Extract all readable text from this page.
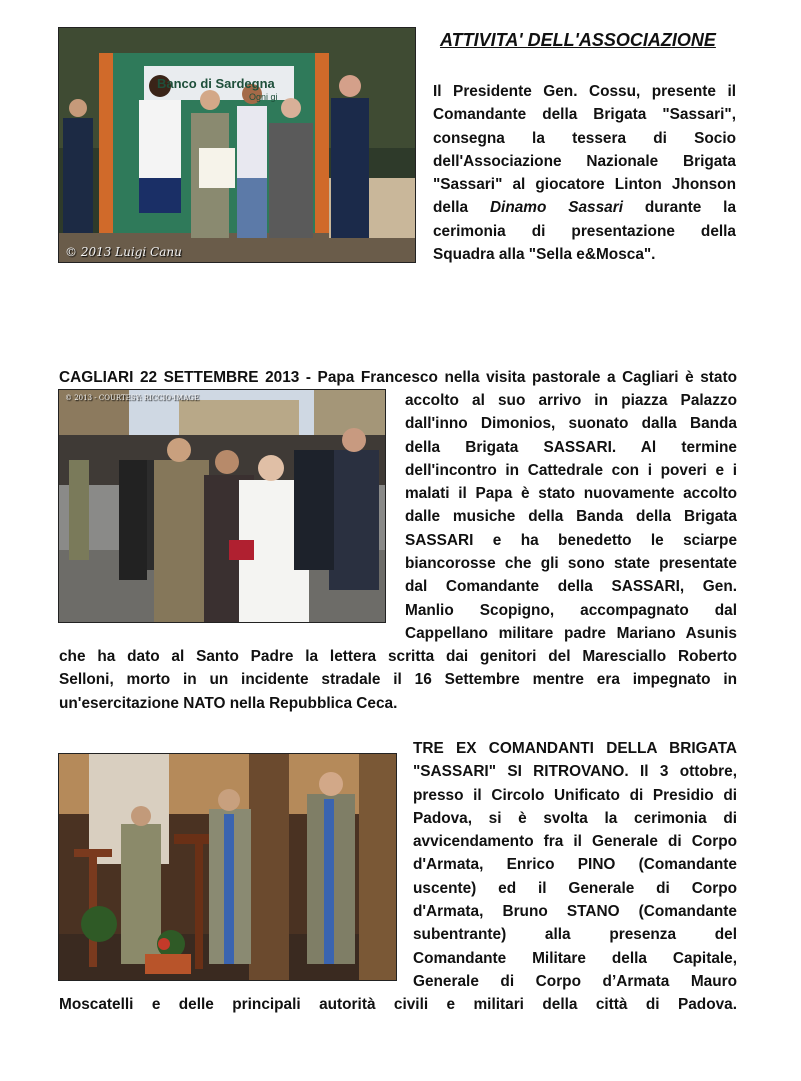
ATTIVITA' DELL'ASSOCIAZIONE
© 2013 Luigi Canu
Banco di Sardegna
Ogni gi	Il Presidente Gen. Cossu, presente il
Comandante della Brigata "Sassari",
consegna la tessera di Socio
dell'Associazione Nazionale Brigata
"Sassari" al giocatore Linton Jhonson
della Dinamo Sassari durante la
cerimonia di presentazione della
Squadra alla "Sella e&Mosca".
CAGLIARI 22 SETTEMBRE 2013 - Papa Francesco nella visita pastorale a Cagliari è stato
© 2013 - COURTESY: RICCIO·IMAGE	accolto al suo arrivo in piazza Palazzo
dall'inno Dimonios, suonato dalla Banda
della Brigata SASSARI. Al termine
dell'incontro in Cattedrale con i poveri e i
malati il Papa è stato nuovamente accolto
dalle musiche della Banda della Brigata
SASSARI e ha benedetto le sciarpe
biancorosse che gli sono state presentate
dal Comandante della SASSARI, Gen.
Manlio Scopigno, accompagnato dal
Cappellano militare padre Mariano Asunis
che ha dato al Santo Padre la lettera scritta dai genitori del Maresciallo Roberto
Selloni, morto in un incidente stradale il 16 Settembre mentre era impegnato in
un'esercitazione NATO nella Repubblica Ceca.
TRE EX COMANDANTI DELLA BRIGATA
"SASSARI" SI RITROVANO. Il 3 ottobre,
presso il Circolo Unificato di Presidio di
Padova, si è svolta la cerimonia di
avvicendamento fra il Generale di Corpo
d'Armata, Enrico PINO (Comandante
uscente) ed il Generale di Corpo
d'Armata, Bruno STANO (Comandante
subentrante) alla presenza del
Comandante Militare della Capitale,
Generale di Corpo d’Armata Mauro
Moscatelli e delle principali autorità civili e militari della città di Padova.
